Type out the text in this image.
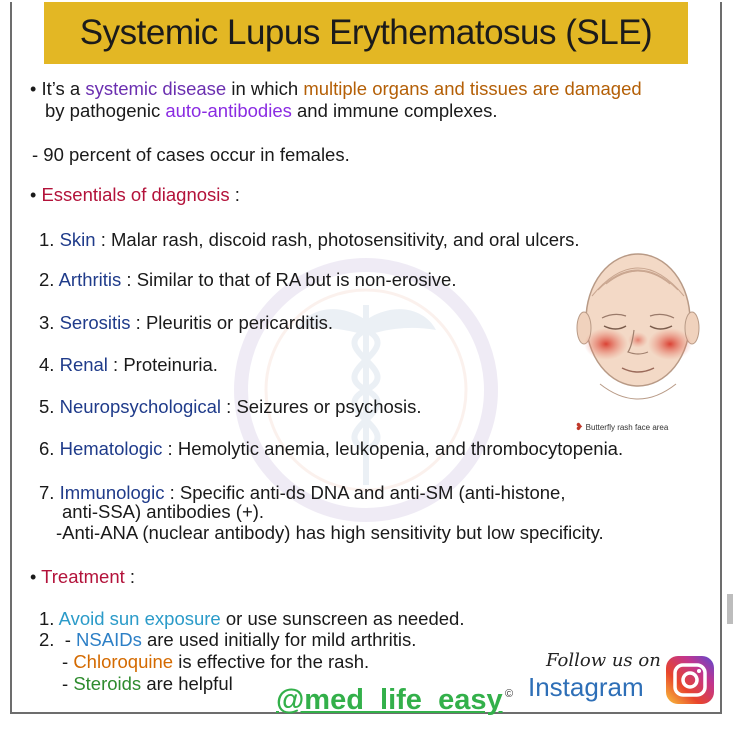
Systemic Lupus Erythematosus (SLE)
• It’s a systemic disease in which multiple organs and tissues are damaged
by pathogenic auto-antibodies and immune complexes.
- 90 percent of cases occur in females.
• Essentials of diagnosis :
1. Skin : Malar rash, discoid rash, photosensitivity, and oral ulcers.
2. Arthritis : Similar to that of RA but is non-erosive.
3. Serositis : Pleuritis or pericarditis.
4. Renal : Proteinuria.
5. Neuropsychological : Seizures or psychosis.
6. Hematologic : Hemolytic anemia, leukopenia, and thrombocytopenia.
7. Immunologic : Specific anti-ds DNA and anti-SM (anti-histone,
anti-SSA) antibodies (+).
-Anti-ANA (nuclear antibody) has high sensitivity but low specificity.
❥ Butterfly rash face area
• Treatment :
1. Avoid sun exposure or use sunscreen as needed.
2. - NSAIDs are used initially for mild arthritis.
- Chloroquine is effective for the rash.
- Steroids are helpful
@med_life_easy ©
Follow us on
Instagram
